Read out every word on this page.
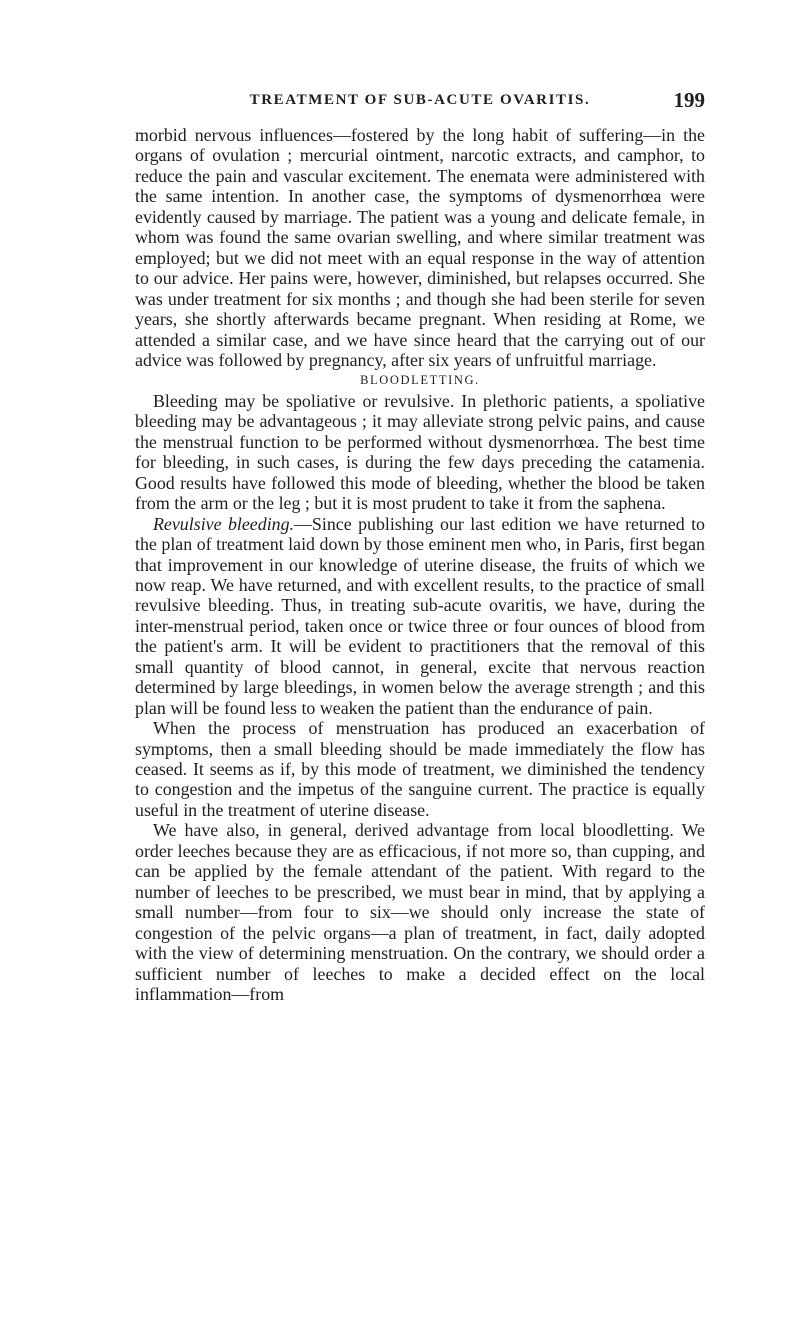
TREATMENT OF SUB-ACUTE OVARITIS.	199

morbid nervous influences—fostered by the long habit of suffering—in the organs of ovulation ; mercurial ointment, narcotic extracts, and camphor, to reduce the pain and vascular excitement. The enemata were administered with the same intention. In another case, the symptoms of dysmenorrhœa were evidently caused by marriage. The patient was a young and delicate female, in whom was found the same ovarian swelling, and where similar treatment was employed; but we did not meet with an equal response in the way of attention to our advice. Her pains were, however, diminished, but relapses occurred. She was under treatment for six months ; and though she had been sterile for seven years, she shortly afterwards became pregnant. When residing at Rome, we attended a similar case, and we have since heard that the carrying out of our advice was followed by pregnancy, after six years of unfruitful marriage.

BLOODLETTING.

Bleeding may be spoliative or revulsive. In plethoric patients, a spoliative bleeding may be advantageous ; it may alleviate strong pelvic pains, and cause the menstrual function to be performed without dysmenorrhœa. The best time for bleeding, in such cases, is during the few days preceding the catamenia. Good results have followed this mode of bleeding, whether the blood be taken from the arm or the leg ; but it is most prudent to take it from the saphena.

Revulsive bleeding.—Since publishing our last edition we have returned to the plan of treatment laid down by those eminent men who, in Paris, first began that improvement in our knowledge of uterine disease, the fruits of which we now reap. We have returned, and with excellent results, to the practice of small revulsive bleeding. Thus, in treating sub-acute ovaritis, we have, during the inter-menstrual period, taken once or twice three or four ounces of blood from the patient's arm. It will be evident to practitioners that the removal of this small quantity of blood cannot, in general, excite that nervous reaction determined by large bleedings, in women below the average strength ; and this plan will be found less to weaken the patient than the endurance of pain.

When the process of menstruation has produced an exacerbation of symptoms, then a small bleeding should be made immediately the flow has ceased. It seems as if, by this mode of treatment, we diminished the tendency to congestion and the impetus of the sanguine current. The practice is equally useful in the treatment of uterine disease.

We have also, in general, derived advantage from local bloodletting. We order leeches because they are as efficacious, if not more so, than cupping, and can be applied by the female attendant of the patient. With regard to the number of leeches to be prescribed, we must bear in mind, that by applying a small number—from four to six—we should only increase the state of congestion of the pelvic organs—a plan of treatment, in fact, daily adopted with the view of determining menstruation. On the contrary, we should order a sufficient number of leeches to make a decided effect on the local inflammation—from
